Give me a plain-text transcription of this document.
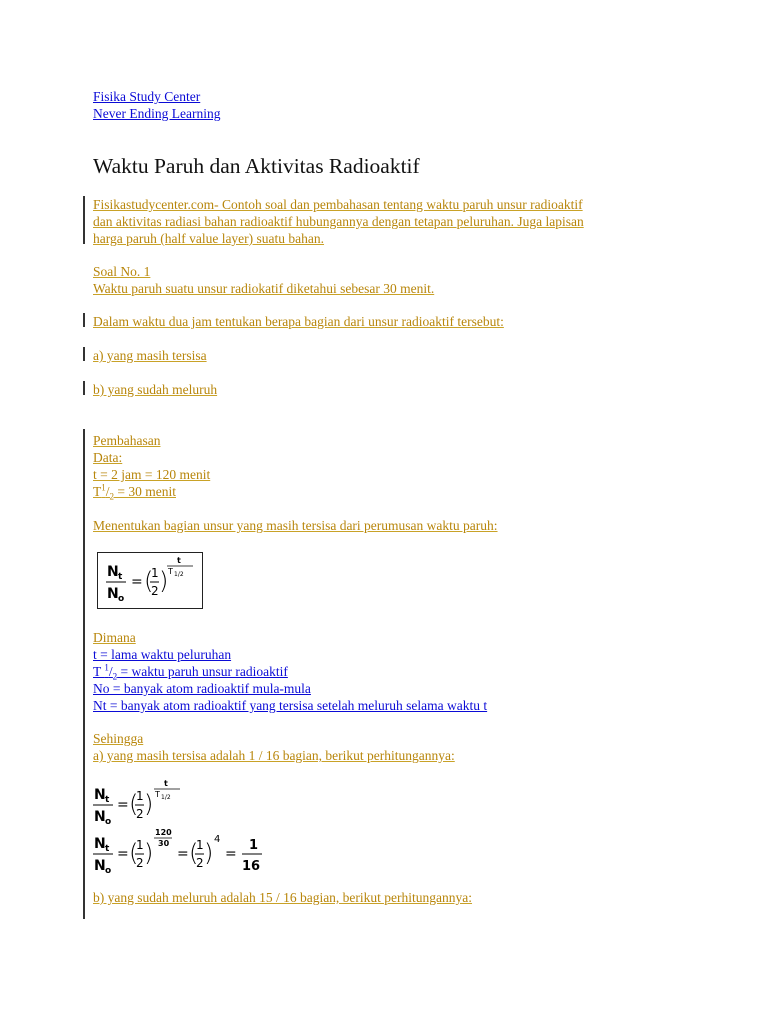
Fisika Study Center
Never Ending Learning
Waktu Paruh dan Aktivitas Radioaktif
Fisikastudycenter.com- Contoh soal dan pembahasan tentang waktu paruh unsur radioaktif
dan aktivitas radiasi bahan radioaktif hubungannya dengan tetapan peluruhan. Juga lapisan
harga paruh (half value layer) suatu bahan.
Soal No. 1
Waktu paruh suatu unsur radiokatif diketahui sebesar 30 menit.
Dalam waktu dua jam tentukan berapa bagian dari unsur radioaktif tersebut:
a) yang masih tersisa
b) yang sudah meluruh
Pembahasan
Data:
t = 2 jam = 120 menit
$T^1/_2 = 30$ menit
Menentukan bagian unsur yang masih tersisa dari perumusan waktu paruh:
N t
N o
= (
1
2 )
t
T 1/2
Dimana
t = lama waktu peluruhan
T $^1/_2$ = waktu paruh unsur radioaktif
No = banyak atom radioaktif mula-mula
Nt = banyak atom radioaktif yang tersisa setelah meluruh selama waktu t
Sehingga
a) yang masih tersisa adalah 1 / 16 bagian, berikut perhitungannya:
N t
N o
= (
1
2 )
t
T 1/2
N t
N o
= (
1
2 )
120
30
= (
1
2 ) 4
=
1
16
b) yang sudah meluruh adalah 15 / 16 bagian, berikut perhitungannya:
